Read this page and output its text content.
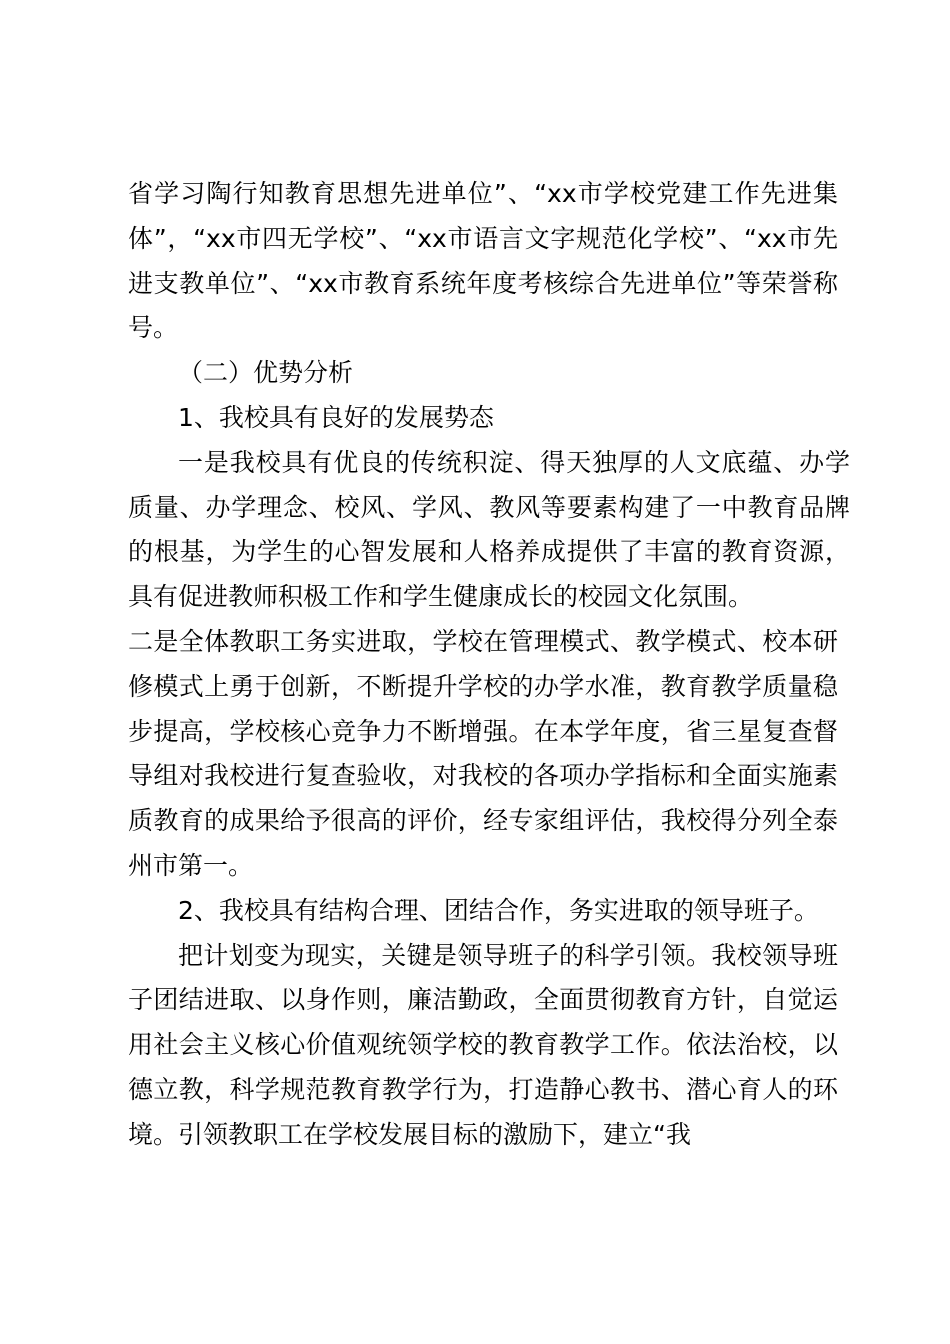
省学习陶行知教育思想先进单位”、“xx市学校党建工作先进集体”，“xx市四无学校”、“xx市语言文字规范化学校”、“xx市先进支教单位”、“xx市教育系统年度考核综合先进单位”等荣誉称号。

（二）优势分析

1、我校具有良好的发展势态

一是我校具有优良的传统积淀、得天独厚的人文底蕴、办学质量、办学理念、校风、学风、教风等要素构建了一中教育品牌的根基，为学生的心智发展和人格养成提供了丰富的教育资源，具有促进教师积极工作和学生健康成长的校园文化氛围。

二是全体教职工务实进取，学校在管理模式、教学模式、校本研修模式上勇于创新，不断提升学校的办学水准，教育教学质量稳步提高，学校核心竞争力不断增强。在本学年度，省三星复查督导组对我校进行复查验收，对我校的各项办学指标和全面实施素质教育的成果给予很高的评价，经专家组评估，我校得分列全泰州市第一。

2、我校具有结构合理、团结合作，务实进取的领导班子。

把计划变为现实，关键是领导班子的科学引领。我校领导班子团结进取、以身作则，廉洁勤政，全面贯彻教育方针，自觉运用社会主义核心价值观统领学校的教育教学工作。依法治校，以德立教，科学规范教育教学行为，打造静心教书、潜心育人的环境。引领教职工在学校发展目标的激励下，建立“我
